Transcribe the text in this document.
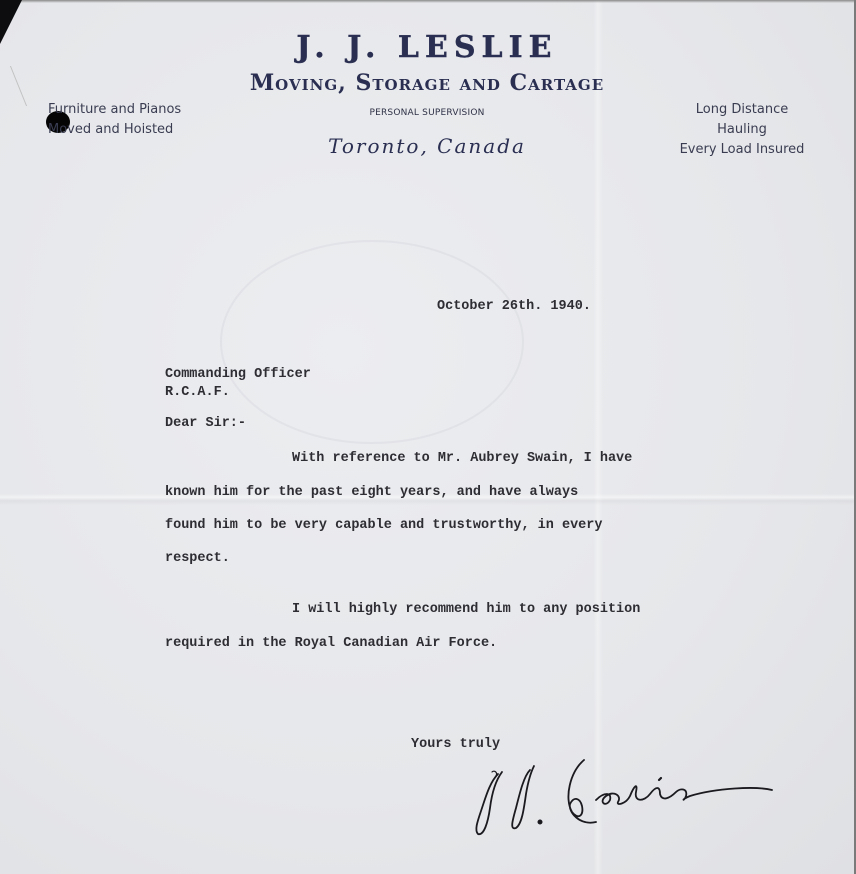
J. J. LESLIE
Moving, Storage and Cartage
PERSONAL SUPERVISION
Toronto, Canada
Furniture and Pianos
Moved and Hoisted
Long Distance Hauling
Every Load Insured
October 26th. 1940.
Commanding Officer
R.C.A.F.
Dear Sir:-
With reference to Mr. Aubrey Swain, I have
known him for the past eight years, and have always
found him to be very capable and trustworthy, in every
respect.
I will highly recommend him to any position
required in the Royal Canadian Air Force.
Yours truly
